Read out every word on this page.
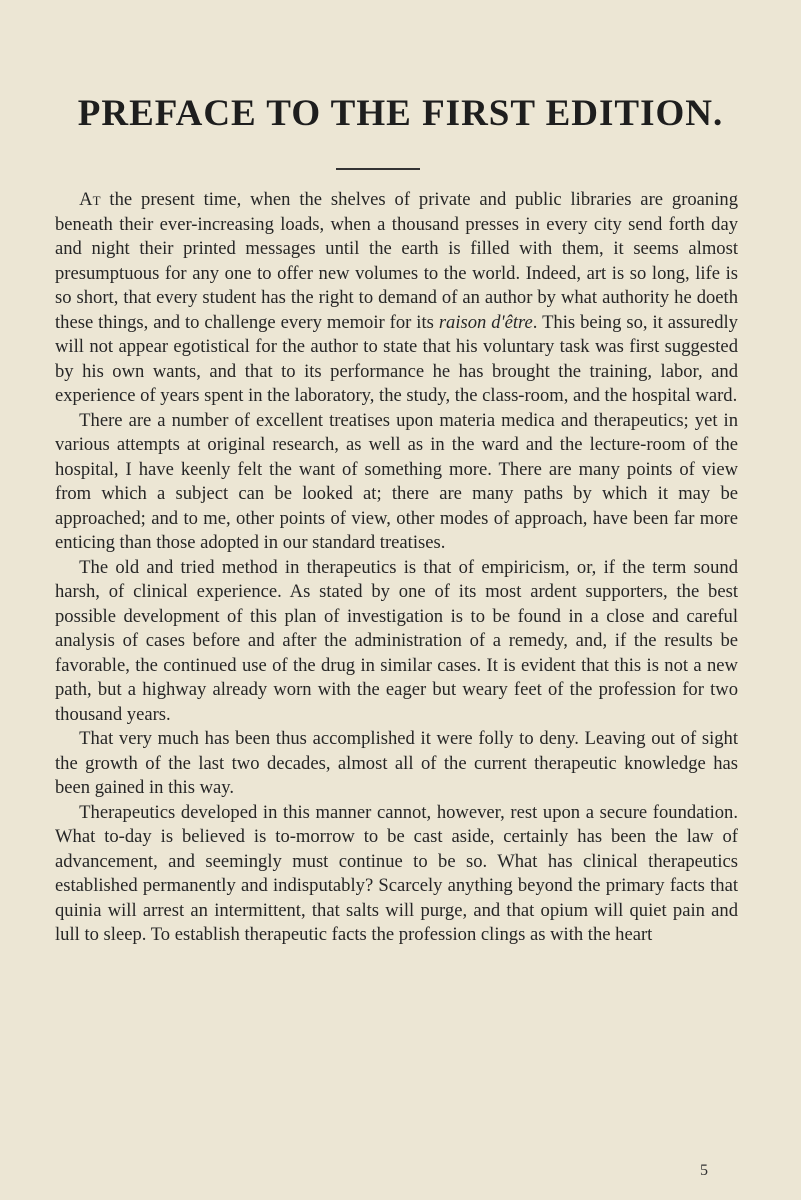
PREFACE TO THE FIRST EDITION.

At the present time, when the shelves of private and public libraries are groaning beneath their ever-increasing loads, when a thousand presses in every city send forth day and night their printed messages until the earth is filled with them, it seems almost presumptuous for any one to offer new volumes to the world. Indeed, art is so long, life is so short, that every student has the right to demand of an author by what authority he doeth these things, and to challenge every memoir for its raison d'être. This being so, it assuredly will not appear egotistical for the author to state that his voluntary task was first suggested by his own wants, and that to its performance he has brought the training, labor, and experience of years spent in the laboratory, the study, the class-room, and the hospital ward.

There are a number of excellent treatises upon materia medica and therapeutics; yet in various attempts at original research, as well as in the ward and the lecture-room of the hospital, I have keenly felt the want of something more. There are many points of view from which a subject can be looked at; there are many paths by which it may be approached; and to me, other points of view, other modes of approach, have been far more enticing than those adopted in our standard treatises.

The old and tried method in therapeutics is that of empiricism, or, if the term sound harsh, of clinical experience. As stated by one of its most ardent supporters, the best possible development of this plan of investigation is to be found in a close and careful analysis of cases before and after the administration of a remedy, and, if the results be favorable, the continued use of the drug in similar cases. It is evident that this is not a new path, but a highway already worn with the eager but weary feet of the profession for two thousand years.

That very much has been thus accomplished it were folly to deny. Leaving out of sight the growth of the last two decades, almost all of the current therapeutic knowledge has been gained in this way.

Therapeutics developed in this manner cannot, however, rest upon a secure foundation. What to-day is believed is to-morrow to be cast aside, certainly has been the law of advancement, and seemingly must continue to be so. What has clinical therapeutics established permanently and indisputably? Scarcely anything beyond the primary facts that quinia will arrest an intermittent, that salts will purge, and that opium will quiet pain and lull to sleep. To establish therapeutic facts the profession clings as with the heart

5
